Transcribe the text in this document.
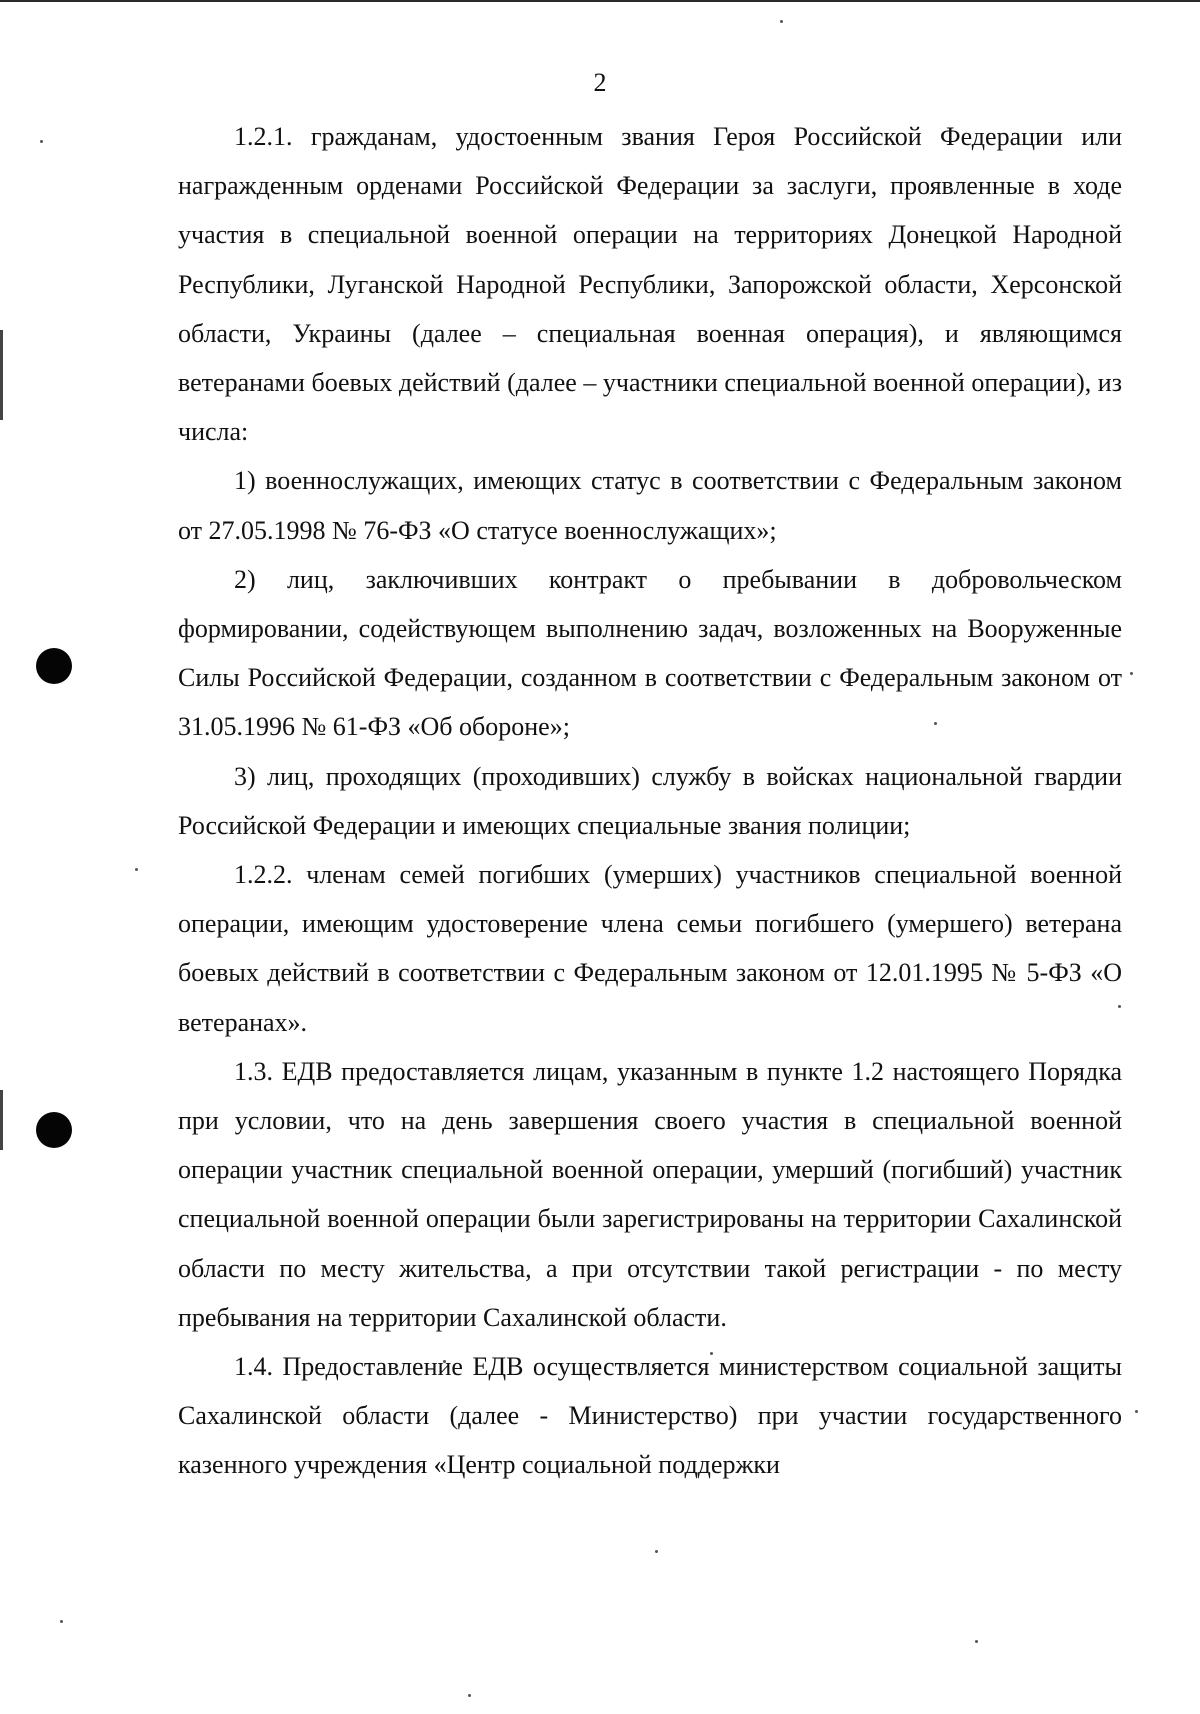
2

1.2.1. гражданам, удостоенным звания Героя Российской Федерации или награжденным орденами Российской Федерации за заслуги, проявленные в ходе участия в специальной военной операции на территориях Донецкой Народной Республики, Луганской Народной Республики, Запорожской области, Херсонской области, Украины (далее – специальная военная операция), и являющимся ветеранами боевых действий (далее – участники специальной военной операции), из числа:

1) военнослужащих, имеющих статус в соответствии с Федеральным законом от 27.05.1998 № 76-ФЗ «О статусе военнослужащих»;

2) лиц, заключивших контракт о пребывании в добровольческом формировании, содействующем выполнению задач, возложенных на Вооруженные Силы Российской Федерации, созданном в соответствии с Федеральным законом от 31.05.1996 № 61-ФЗ «Об обороне»;

3) лиц, проходящих (проходивших) службу в войсках национальной гвардии Российской Федерации и имеющих специальные звания полиции;

1.2.2. членам семей погибших (умерших) участников специальной военной операции, имеющим удостоверение члена семьи погибшего (умершего) ветерана боевых действий в соответствии с Федеральным законом от 12.01.1995 № 5-ФЗ «О ветеранах».

1.3. ЕДВ предоставляется лицам, указанным в пункте 1.2 настоящего Порядка при условии, что на день завершения своего участия в специальной военной операции участник специальной военной операции, умерший (погибший) участник специальной военной операции были зарегистрированы на территории Сахалинской области по месту жительства, а при отсутствии такой регистрации - по месту пребывания на территории Сахалинской области.

1.4. Предоставление ЕДВ осуществляется министерством социальной защиты Сахалинской области (далее - Министерство) при участии государственного казенного учреждения «Центр социальной поддержки
